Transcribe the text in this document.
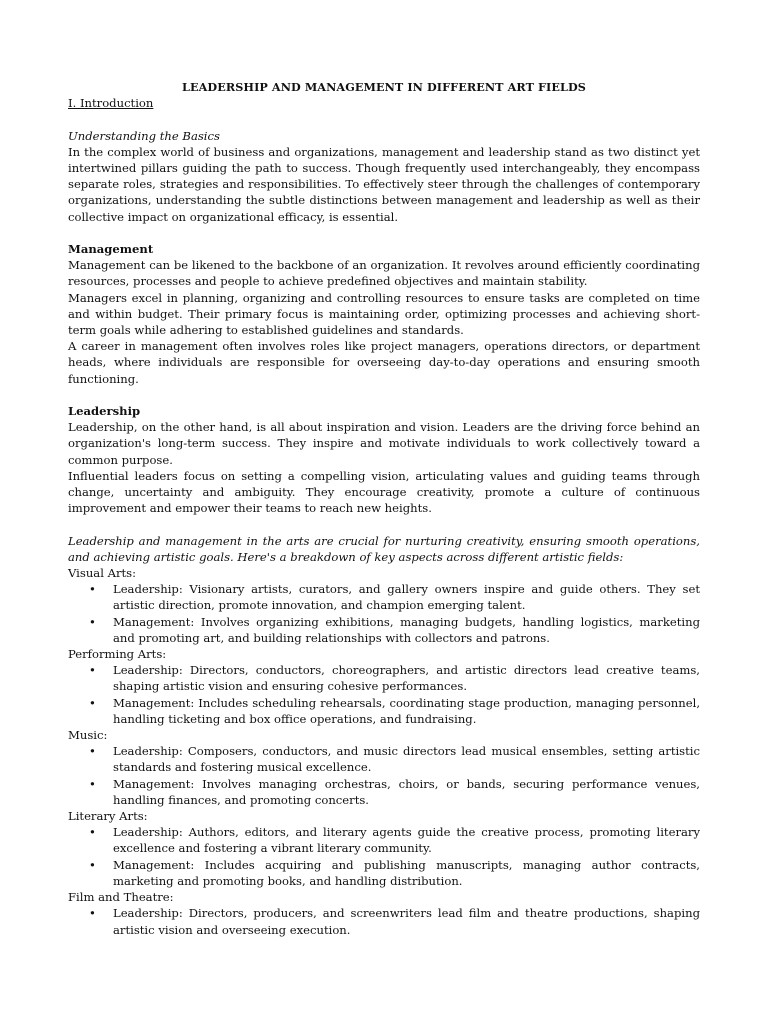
LEADERSHIP AND MANAGEMENT IN DIFFERENT ART FIELDS
I. Introduction
Understanding the Basics

In the complex world of business and organizations, management and leadership stand as two distinct yet intertwined pillars guiding the path to success. Though frequently used interchangeably, they encompass separate roles, strategies and responsibilities. To effectively steer through the challenges of contemporary organizations, understanding the subtle distinctions between management and leadership as well as their collective impact on organizational efficacy, is essential.

Management

Management can be likened to the backbone of an organization. It revolves around efficiently coordinating resources, processes and people to achieve predefined objectives and maintain stability.

Managers excel in planning, organizing and controlling resources to ensure tasks are completed on time and within budget. Their primary focus is maintaining order, optimizing processes and achieving short-term goals while adhering to established guidelines and standards.

A career in management often involves roles like project managers, operations directors, or department heads, where individuals are responsible for overseeing day-to-day operations and ensuring smooth functioning.

Leadership

Leadership, on the other hand, is all about inspiration and vision. Leaders are the driving force behind an organization's long-term success. They inspire and motivate individuals to work collectively toward a common purpose.

Influential leaders focus on setting a compelling vision, articulating values and guiding teams through change, uncertainty and ambiguity. They encourage creativity, promote a culture of continuous improvement and empower their teams to reach new heights.

Leadership and management in the arts are crucial for nurturing creativity, ensuring smooth operations, and achieving artistic goals. Here's a breakdown of key aspects across different artistic fields:

Visual Arts:
• Leadership: Visionary artists, curators, and gallery owners inspire and guide others. They set artistic direction, promote innovation, and champion emerging talent.
• Management: Involves organizing exhibitions, managing budgets, handling logistics, marketing and promoting art, and building relationships with collectors and patrons.
Performing Arts:
• Leadership: Directors, conductors, choreographers, and artistic directors lead creative teams, shaping artistic vision and ensuring cohesive performances.
• Management: Includes scheduling rehearsals, coordinating stage production, managing personnel, handling ticketing and box office operations, and fundraising.
Music:
• Leadership: Composers, conductors, and music directors lead musical ensembles, setting artistic standards and fostering musical excellence.
• Management: Involves managing orchestras, choirs, or bands, securing performance venues, handling finances, and promoting concerts.
Literary Arts:
• Leadership: Authors, editors, and literary agents guide the creative process, promoting literary excellence and fostering a vibrant literary community.
• Management: Includes acquiring and publishing manuscripts, managing author contracts, marketing and promoting books, and handling distribution.
Film and Theatre:
• Leadership: Directors, producers, and screenwriters lead film and theatre productions, shaping artistic vision and overseeing execution.
